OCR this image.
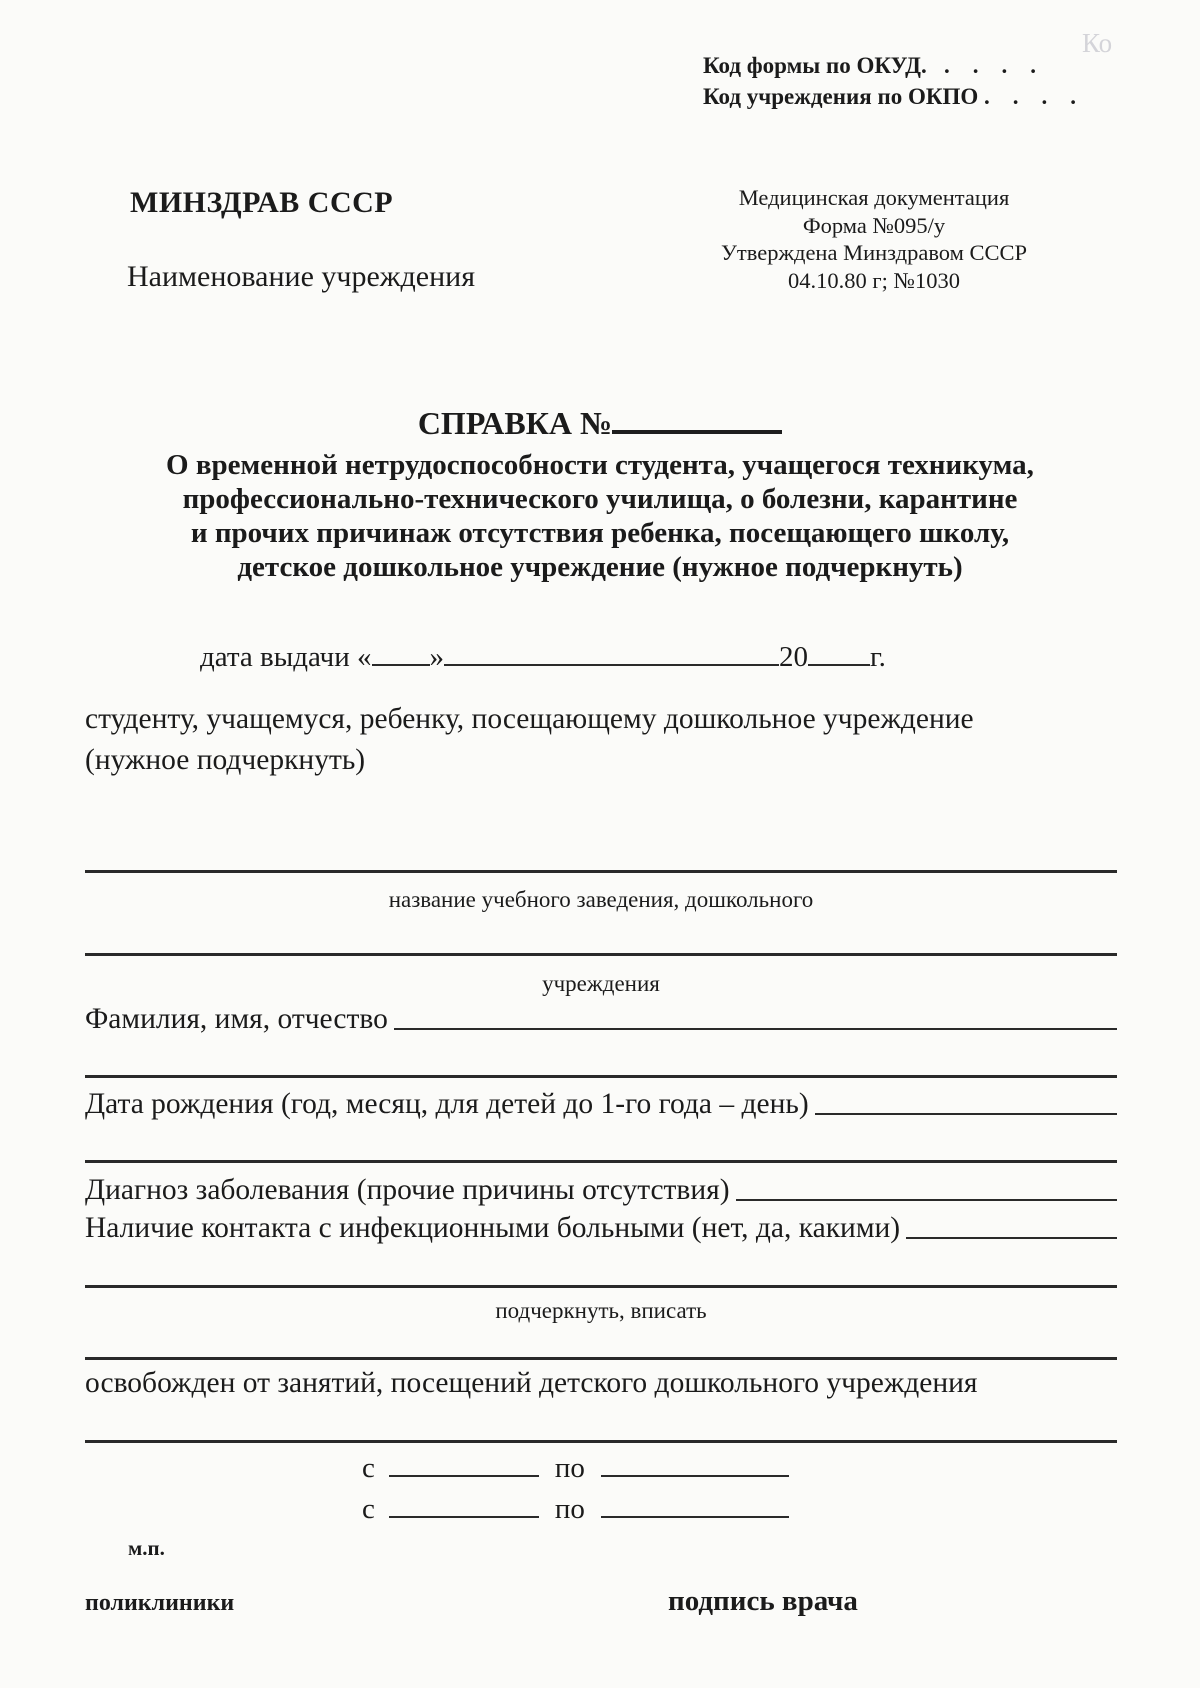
Ко
Код формы по ОКУД.   .    .    .    .
Код учреждения по ОКПО .    .    .    .
МИНЗДРАВ СССР
Наименование учреждения
Медицинская документация
Форма №095/у
Утверждена Минздравом СССР
04.10.80 г; №1030
СПРАВКА №
О временной нетрудоспособности студента, учащегося техникума,
профессионально-технического училища, о болезни, карантине
и прочих причинаж отсутствия ребенка, посещающего школу,
детское дошкольное учреждение (нужное подчеркнуть)
дата выдачи « »	20 г.
студенту, учащемуся, ребенку, посещающему дошкольное учреждение
(нужное подчеркнуть)
название учебного заведения, дошкольного
учреждения
Фамилия, имя, отчество
Дата рождения (год, месяц, для детей до 1-го года – день)
Диагноз заболевания (прочие причины отсутствия)
Наличие контакта с инфекционными больными (нет, да, какими)
подчеркнуть, вписать
освобожден от занятий, посещений детского дошкольного учреждения
с	по
с	по
м.п.
поликлиники	подпись врача
